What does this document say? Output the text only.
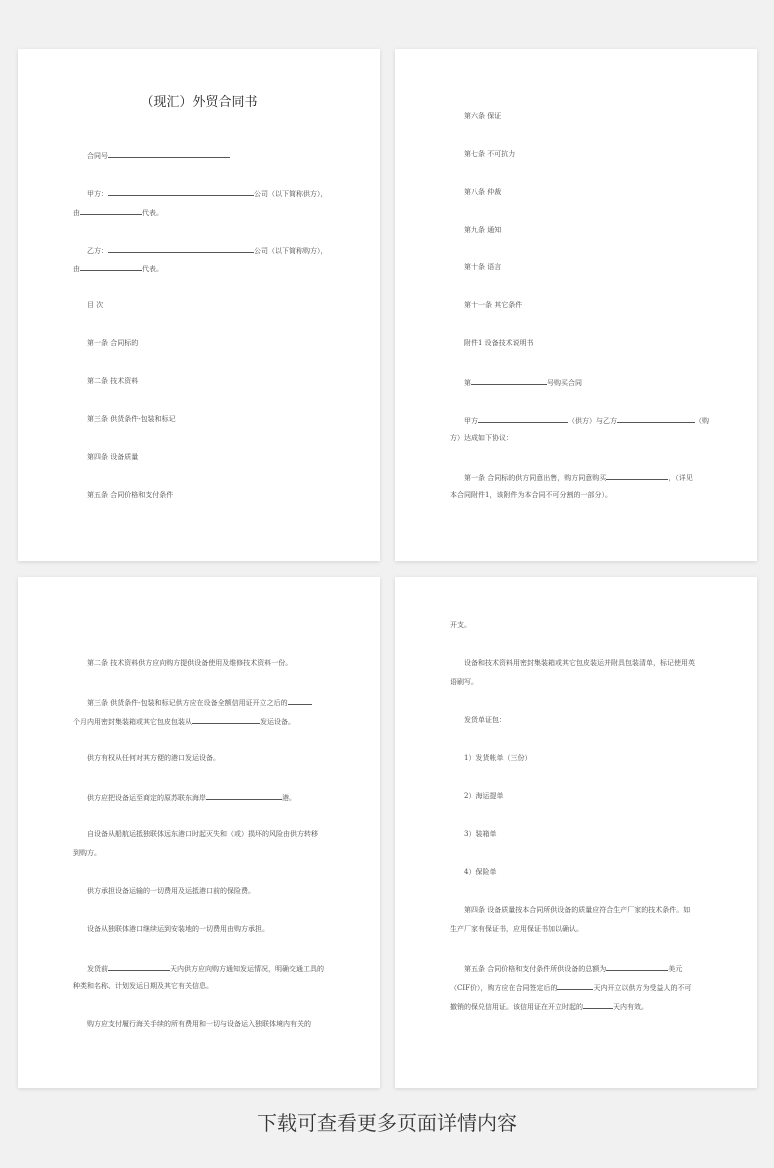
（现汇）外贸合同书
合同号
甲方：	公司（以下简称供方），
由	代表。
乙方：	公司（以下简称购方），
由	代表。
目 次
第一条 合同标的
第二条 技术资料
第三条 供货条件-包装和标记
第四条 设备质量
第五条 合同价格和支付条件
第六条 保证
第七条 不可抗力
第八条 仲裁
第九条 通知
第十条 语言
第十一条 其它条件
附件1 设备技术说明书
第	号购买合同
甲方	（供方）与乙方	（购
方）达成如下协议：
第一条 合同标的供方同意出售，购方同意购买	，（详见
本合同附件1，该附件为本合同不可分割的一部分）。
第二条 技术资料供方应向购方提供设备使用及维修技术资料一份。
第三条 供货条件-包装和标记供方应在设备全额信用证开立之后的
个月内用密封集装箱或其它包皮包装从	发运设备。
供方有权从任何对其方便的港口发运设备。
供方应把设备运至商定的原苏联东海岸	港。
自设备从船航运抵独联体远东港口时起灭失和（或）损坏的风险由供方转移
到购方。
供方承担设备运输的一切费用及运抵港口前的保险费。
设备从独联体港口继续运到安装地的一切费用由购方承担。
发货前	天内供方应向购方通知发运情况，明确交通工具的
种类和名称、计划发运日期及其它有关信息。
购方应支付履行海关手续的所有费用和一切与设备运入独联体境内有关的
开支。
设备和技术资料用密封集装箱或其它包皮装运并附具包装清单，标记使用英
语刷写。
发货单证包：
1）发货帐单（三份）
2）海运提单
3）装箱单
4）保险单
第四条 设备质量按本合同所供设备的质量应符合生产厂家的技术条件。如
生产厂家有保证书，应用保证书加以确认。
第五条 合同价格和支付条件所供设备的总额为	美元
（CIF价），购方应在合同签定后的	天内开立以供方为受益人的不可
撤销的保兑信用证。该信用证在开立时起的	天内有效。
下载可查看更多页面详情内容
